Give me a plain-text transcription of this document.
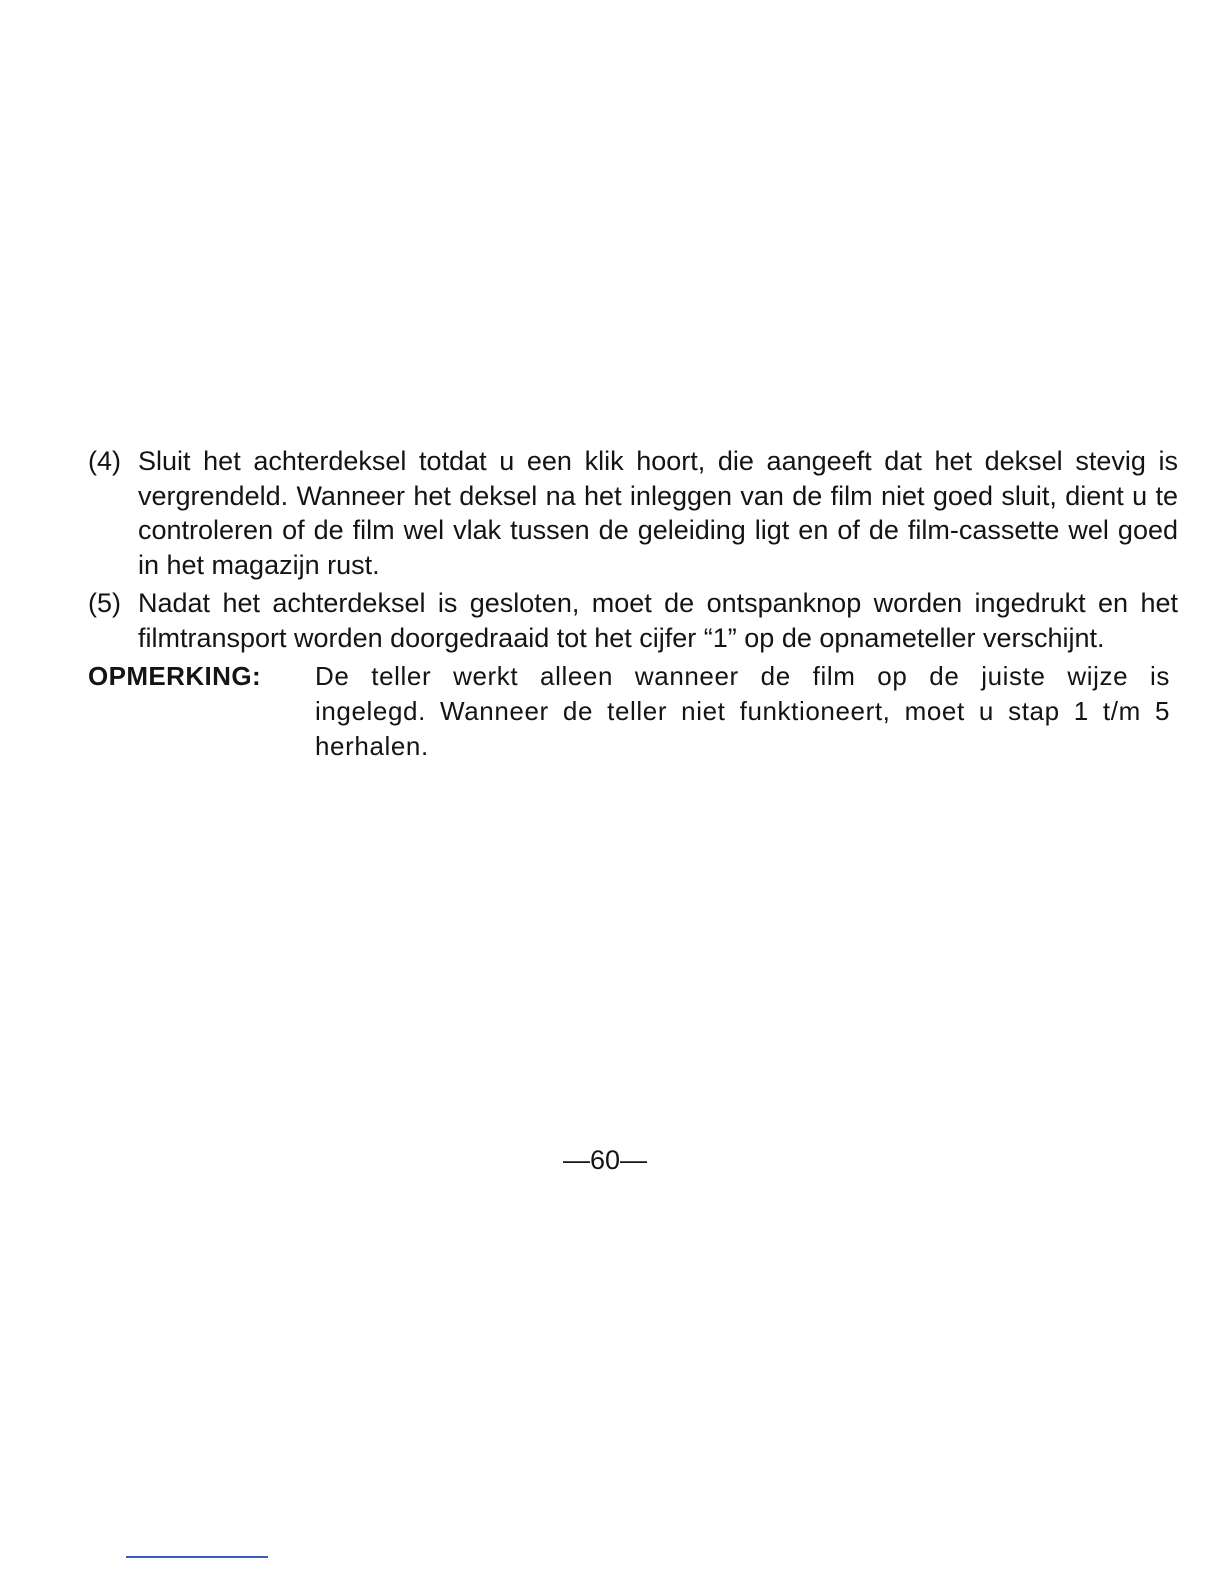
(4) Sluit het achterdeksel totdat u een klik hoort, die aangeeft dat het deksel stevig is vergrendeld. Wanneer het deksel na het inleggen van de film niet goed sluit, dient u te controleren of de film wel vlak tussen de geleiding ligt en of de film-cassette wel goed in het magazijn rust.
(5) Nadat het achterdeksel is gesloten, moet de ontspanknop worden ingedrukt en het filmtransport worden doorgedraaid tot het cijfer “1” op de opnameteller verschijnt.
OPMERKING:	De teller werkt alleen wanneer de film op de juiste wijze is ingelegd. Wanneer de teller niet funktioneert, moet u stap 1 t/m 5 herhalen.
—60—
